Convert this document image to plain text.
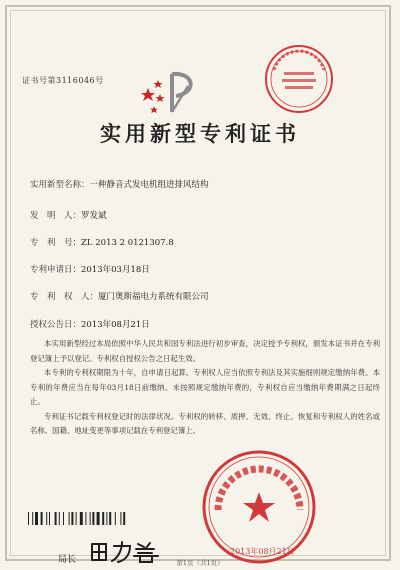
证书号第3116046号
实用新型专利证书
实用新型名称：一种静音式发电机组进排风结构
发　明　人：罗发斌
专　利　号：ZL 2013 2 0121307.8
专利申请日：2013年03月18日
专　利　权　人：厦门奥斯福电力系统有限公司
授权公告日：2013年08月21日

本实用新型经过本局依照中华人民共和国专利法进行初步审查，决定授予专利权，颁发本证书并在专利登记簿上予以登记。专利权自授权公告之日起生效。

本专利的专利权期限为十年，自申请日起算。专利权人应当依照专利法及其实施细则规定缴纳年费。本专利的年费应当在每年03月18日前缴纳。未按照规定缴纳年费的，专利权自应当缴纳年费期满之日起终止。

专利证书记载专利权登记时的法律状况。专利权的转移、质押、无效、终止、恢复和专利权人的姓名或名称、国籍、地址变更等事项记载在专利登记簿上。

局长
2013年08月21日
第1页（共1页）
